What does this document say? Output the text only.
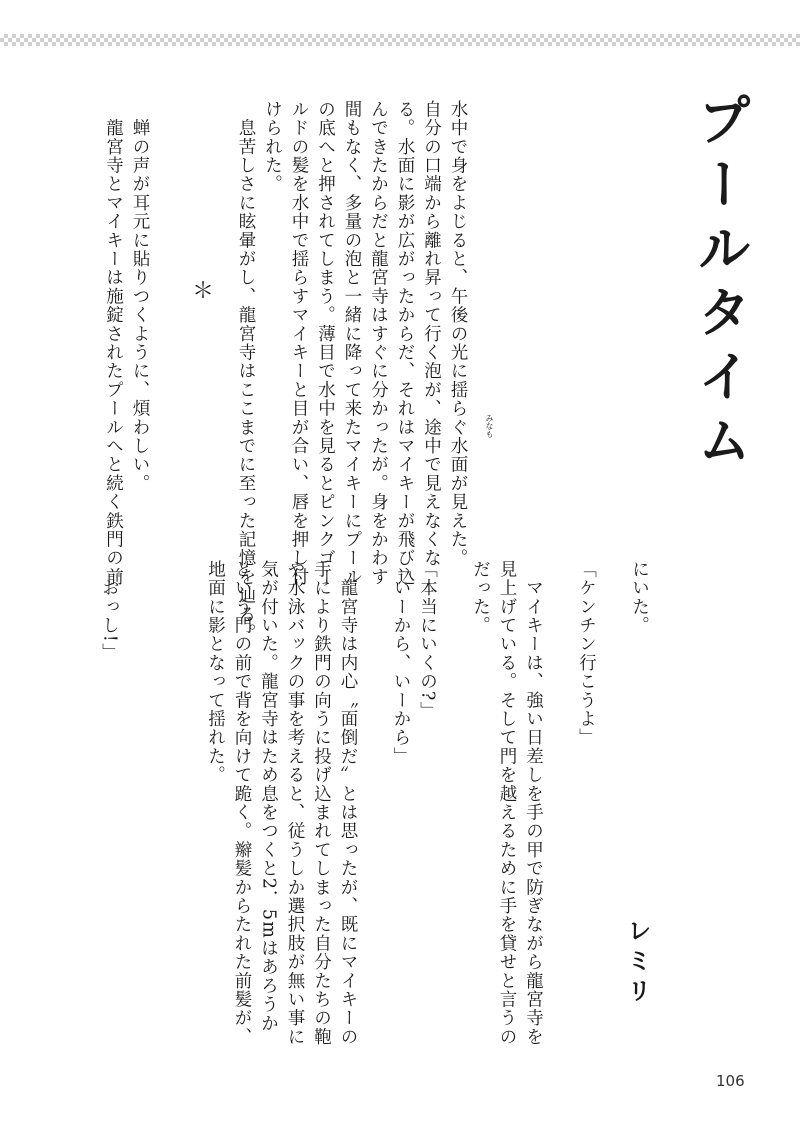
プールタイム
みなも
水中で身をよじると、午後の光に揺らぐ水面が見えた。
自分の口端から離れ昇って行く泡が、途中で見えなくな
る。水面に影が広がったからだ、それはマイキーが飛び込
んできたからだと龍宮寺はすぐに分かったが。身をかわす
間もなく、多量の泡と一緒に降って来たマイキーにプール
の底へと押されてしまう。薄目で水中を見るとピンクゴー
ルドの髪を水中で揺らすマイキーと目が合い、唇を押し付
けられた。
　息苦しさに眩暈がし、龍宮寺はここまでに至った記憶を辿る。

　蝉の声が耳元に貼りつくように、煩わしい。
　龍宮寺とマイキーは施錠されたプールへと続く鉄門の前	＊
にいた。

「ケンチン行こうよ」

　マイキーは、強い日差しを手の甲で防ぎながら龍宮寺を
見上げている。そして門を越えるために手を貸せと言うの
だった。

「本当にいくの?」
「いーから、いーから」

　龍宮寺は内心〝面倒だ〟とは思ったが、既にマイキーの
手により鉄門の向うに投げ込まれてしまった自分たちの鞄
や水泳バックの事を考えると、従うしか選択肢が無い事に
気が付いた。龍宮寺はため息をつくと2．5mはあろうか
という門の前で背を向けて跪く。辮髪からたれた前髪が、
地面に影となって揺れた。

「おっし!」
レミリ
106
